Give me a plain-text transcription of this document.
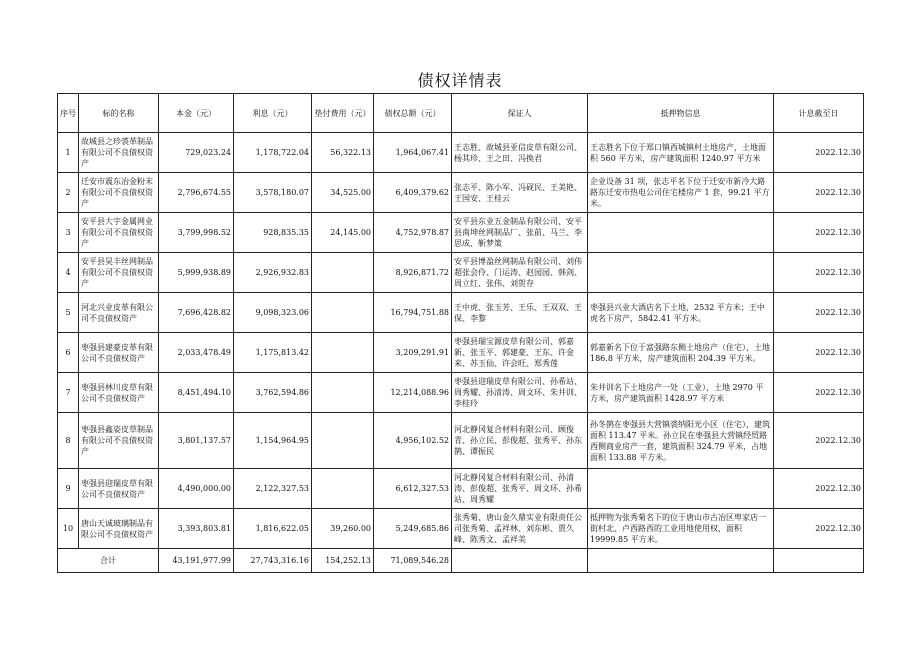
债权详情表
序号	标的名称	本金（元）	利息（元）	垫付费用（元）	债权总额（元）	保证人	抵押物信息	计息截至日
1	故城县之珍裘革制品有限公司不良债权资产	729,023.24	1,178,722.04	56,322.13	1,964,067.41	王志胜、故城县亚信皮草有限公司、杨其珍、王之田、冯换君	王志胜名下位于郑口镇西城镇村土地房产，土地面积 560 平方米，房产建筑面积 1240.97 平方米	2022.12.30
2	迁安市震东冶金粉末有限公司不良债权资产	2,796,674.55	3,578,180.07	34,525.00	6,409,379.62	张志平、陈小军、冯砚民、王美艳、王国安、王桂云	企业设备 31 项，张志平名下位于迁安市新冷大路路东迁安市热电公司住宅楼房产 1 套，99.21 平方米。	2022.12.30
3	安平县大宇金属网业有限公司不良债权资产	3,799,998.52	928,835.35	24,145.00	4,752,978.87	安平县东业五金制品有限公司、安平县南坤丝网制品厂、张前、马兰、李思成、靳梦策		2022.12.30
4	安平县昊丰丝网制品有限公司不良债权资产	5,999,938.89	2,926,932.83		8,926,871.72	安平县博盈丝网制品有限公司、刘伟超张会伶、门运涛、赵园园、韩剑、周立红、张伟、刘贺存		2022.12.30
5	河北兴业皮革有限公司不良债权资产	7,696,428.82	9,098,323.06		16,794,751.88	王中虎、张玉芳、王乐、王双双、王保、李黎	枣强县兴业大酒店名下土地，2532 平方米；王中虎名下房产，5842.41 平方米。	2022.12.30
6	枣强县建豪皮革有限公司不良债权资产	2,033,478.49	1,175,813.42		3,209,291.91	枣强县瑞宝源皮草有限公司、郭嘉新、张玉平、郭建豪、王东、许金来、苏玉仙、许会旺、郑秀莲	郭嘉新名下位于富强路东侧土地房产（住宅），土地 186.8 平方米，房产建筑面积 204.39 平方米。	2022.12.30
7	枣强县林川皮草有限公司不良债权资产	8,451,494.10	3,762,594.86		12,214,088.96	枣强县迎瑞皮草有限公司、孙希站、周秀耀、孙清涛、周文环、朱井训、李桂玲	朱井训名下土地房产一处（工业），土地 2970 平方米，房产建筑面积 1428.97 平方米	2022.12.30
8	枣强县鑫姿皮草制品有限公司不良债权资产	3,801,137.57	1,154,964.95		4,956,102.52	河北静冈复合材料有限公司、顾俊青、孙立民、彭俊超、张秀平、孙东鹊、谭振民	孙冬鹊在枣强县大营镇裘纳阳光小区（住宅），建筑面积 113.47 平米。孙立民在枣强县大营镇经贸路西侧商业房产一套，建筑面积 324.79 平米，占地面积 133.88 平方米。	2022.12.30
9	枣强县迎瑞皮草有限公司不良债权资产	4,490,000.00	2,122,327.53		6,612,327.53	河北静冈复合材料有限公司、孙清涛、彭俊超、张秀平、周文环、孙希站、周秀耀		2022.12.30
10	唐山天诚玻璃制品有限公司不良债权资产	3,393,803.81	1,816,622.05	39,260.00	5,249,685.86	张秀菊、唐山金久鼎实业有限责任公司张秀菊、孟祥林、刘东彬、贾久峰、陈秀文、孟祥美	抵押物为张秀菊名下的位于唐山市古冶区卑家店一街村北、卢西路西的工业用地使用权，面积 19999.85 平方米。	2022.12.30
合计		43,191,977.99	27,743,316.16	154,252.13	71,089,546.28			
